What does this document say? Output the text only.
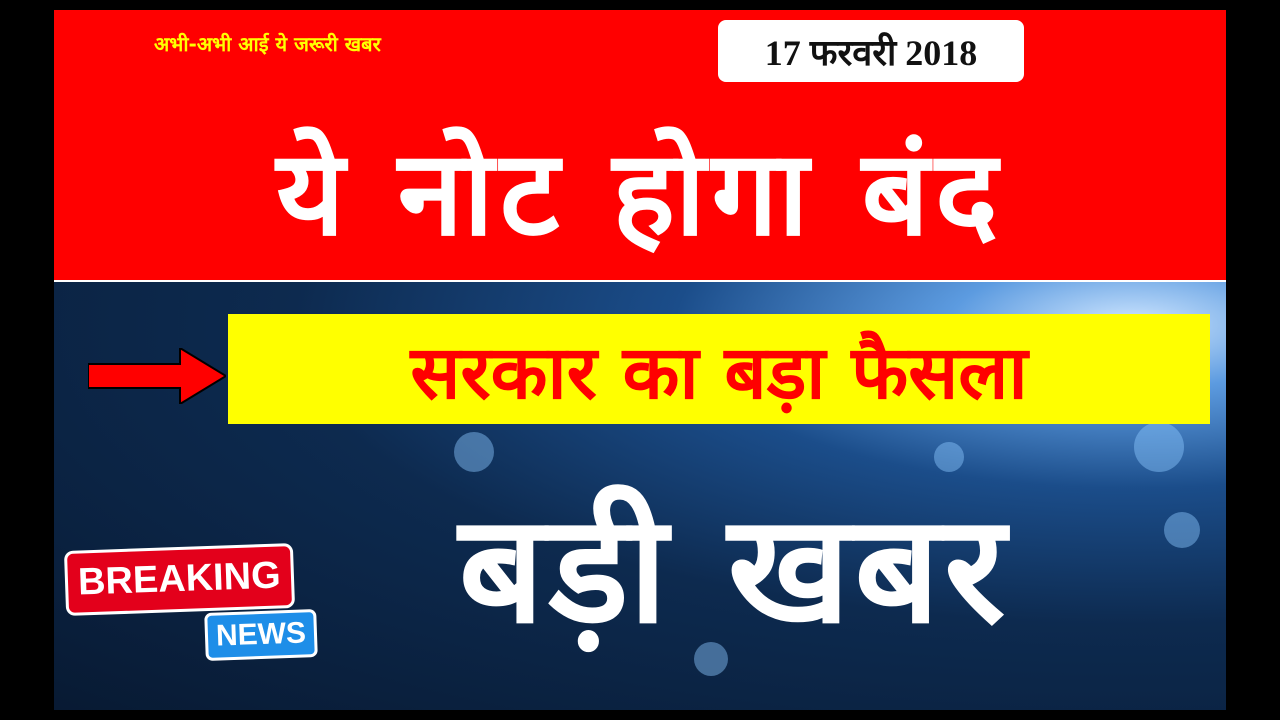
अभी-अभी आई ये जरूरी खबर	17 फरवरी 2018
ये नोट होगा बंद
सरकार का बड़ा फैसला
बड़ी खबर
BREAKING
NEWS
